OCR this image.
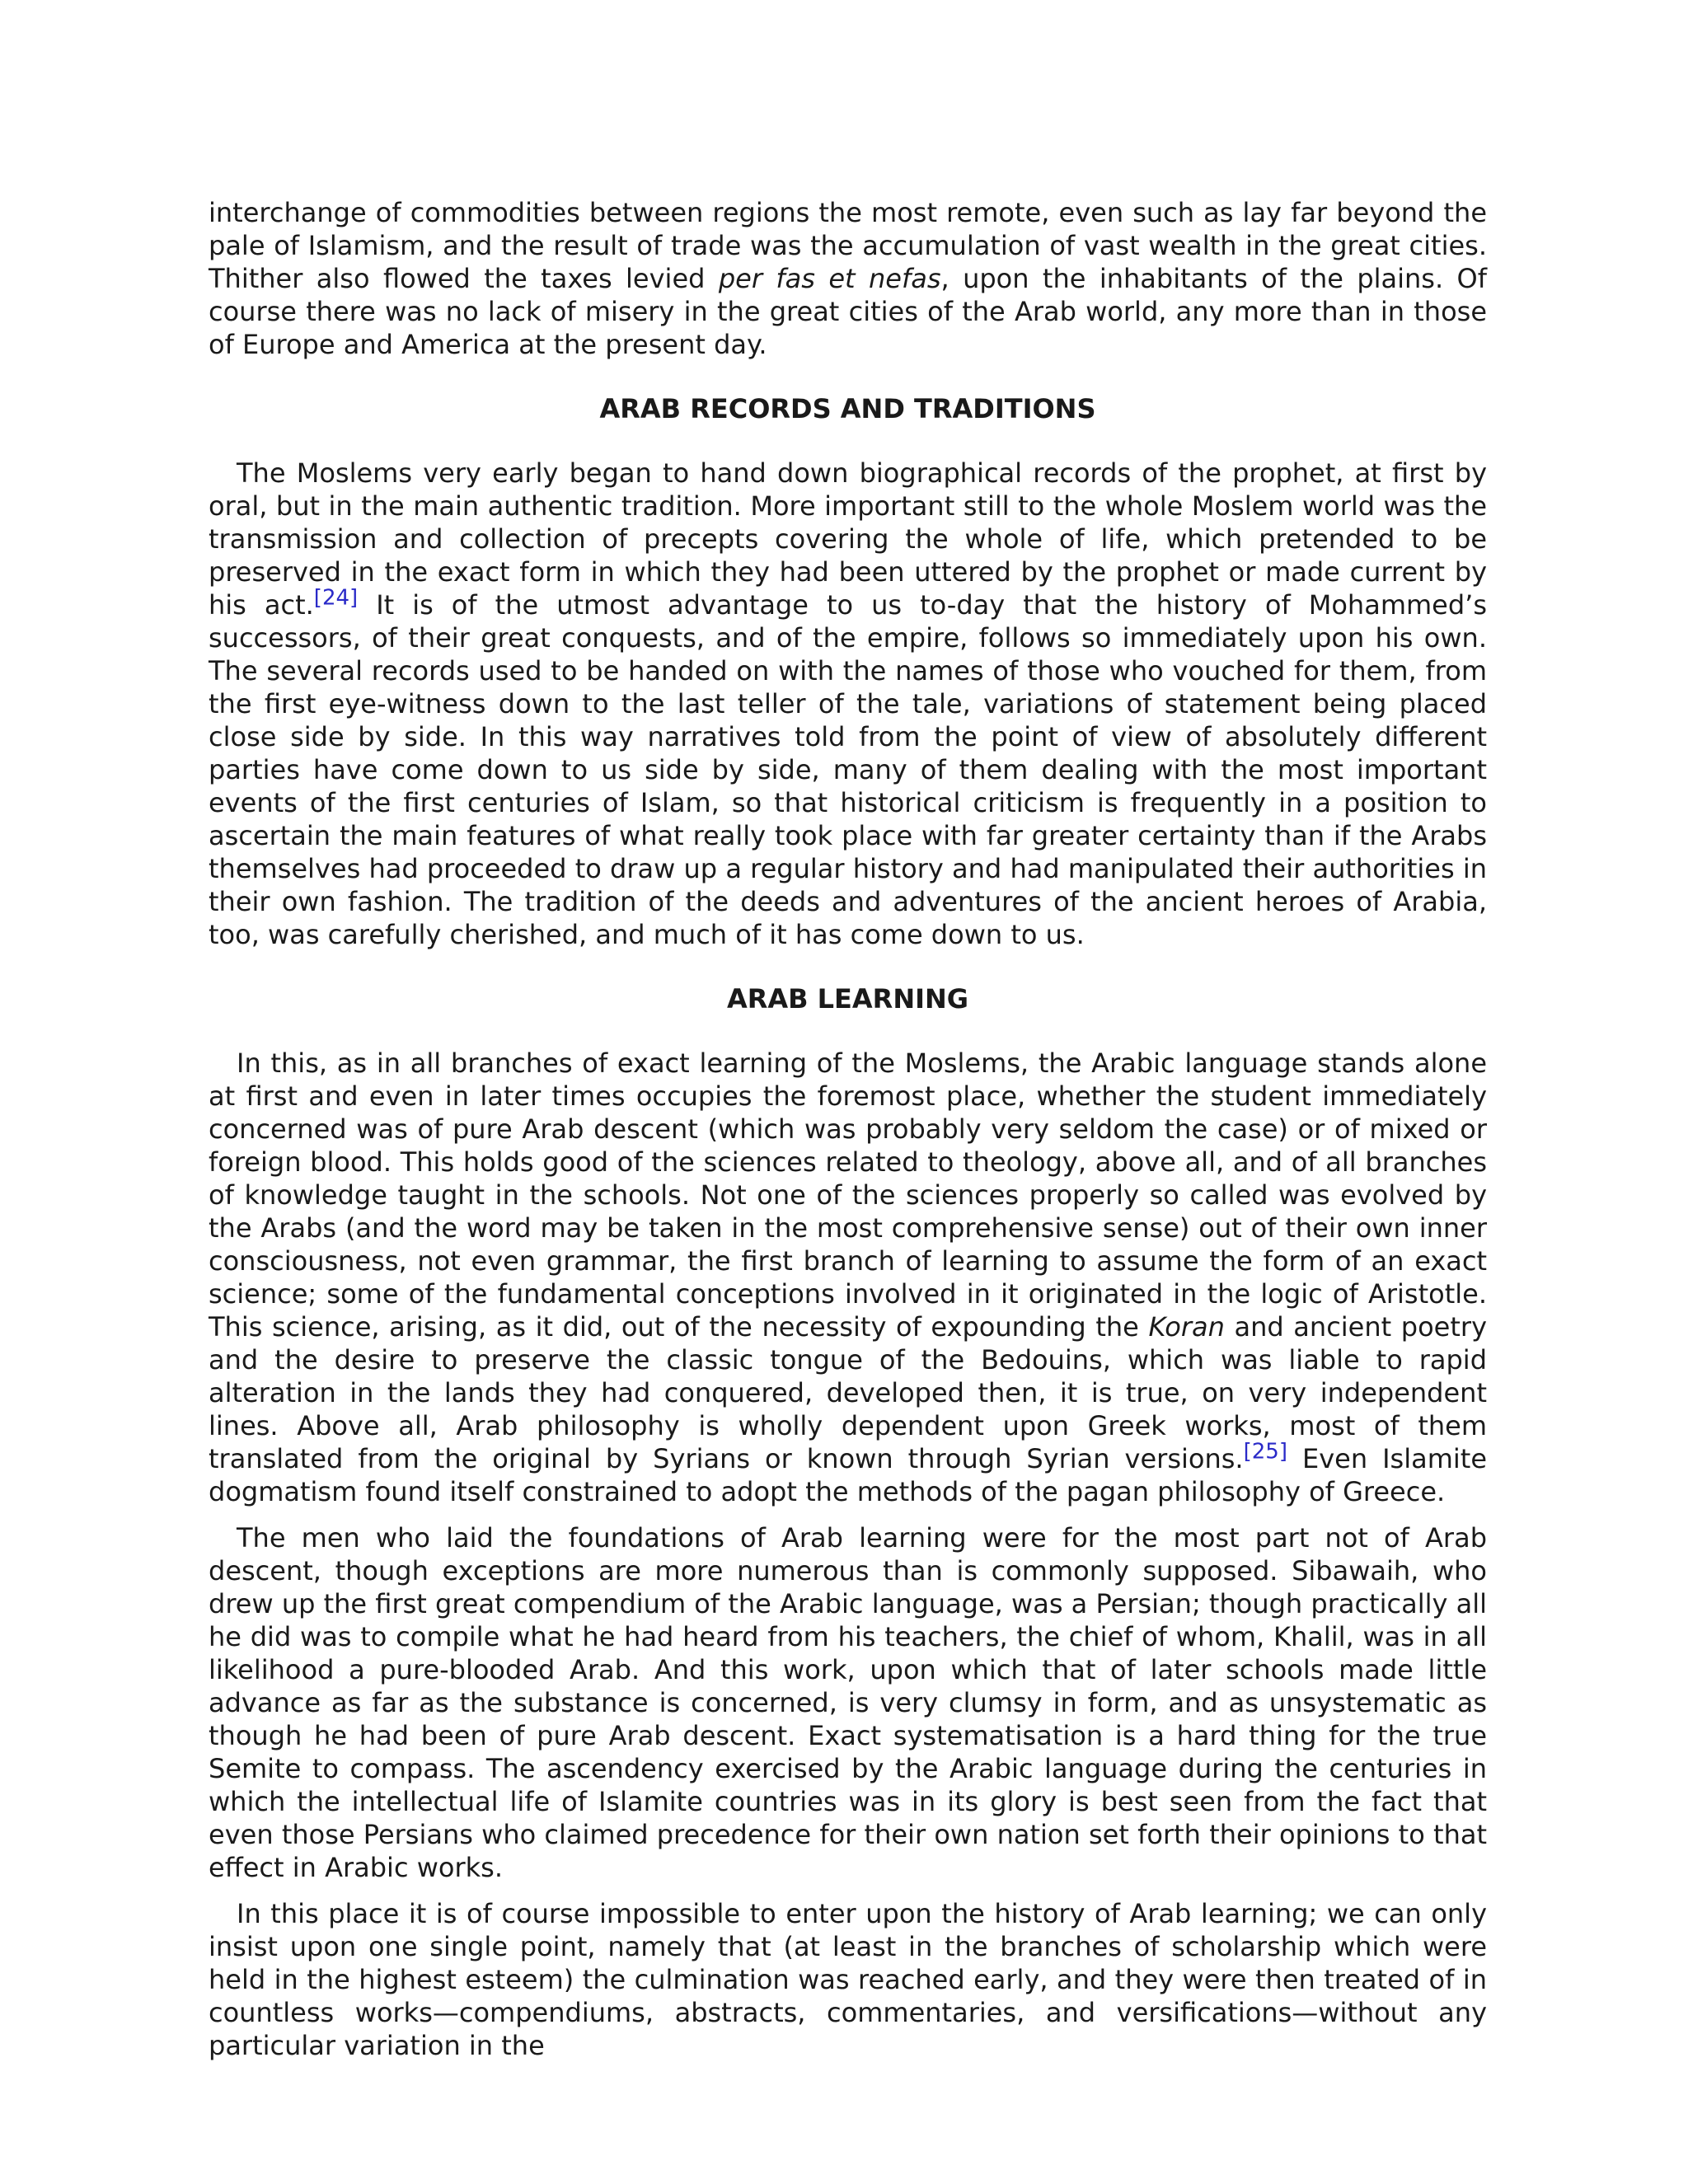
interchange of commodities between regions the most remote, even such as lay far beyond the pale of Islamism, and the result of trade was the accumulation of vast wealth in the great cities. Thither also flowed the taxes levied per fas et nefas, upon the inhabitants of the plains. Of course there was no lack of misery in the great cities of the Arab world, any more than in those of Europe and America at the present day.

ARAB RECORDS AND TRADITIONS

The Moslems very early began to hand down biographical records of the prophet, at first by oral, but in the main authentic tradition. More important still to the whole Moslem world was the transmission and collection of precepts covering the whole of life, which pretended to be preserved in the exact form in which they had been uttered by the prophet or made current by his act.[24] It is of the utmost advantage to us to-day that the history of Mohammed’s successors, of their great conquests, and of the empire, follows so immediately upon his own. The several records used to be handed on with the names of those who vouched for them, from the first eye-witness down to the last teller of the tale, variations of statement being placed close side by side. In this way narratives told from the point of view of absolutely different parties have come down to us side by side, many of them dealing with the most important events of the first centuries of Islam, so that historical criticism is frequently in a position to ascertain the main features of what really took place with far greater certainty than if the Arabs themselves had proceeded to draw up a regular history and had manipulated their authorities in their own fashion. The tradition of the deeds and adventures of the ancient heroes of Arabia, too, was carefully cherished, and much of it has come down to us.

ARAB LEARNING

In this, as in all branches of exact learning of the Moslems, the Arabic language stands alone at first and even in later times occupies the foremost place, whether the student immediately concerned was of pure Arab descent (which was probably very seldom the case) or of mixed or foreign blood. This holds good of the sciences related to theology, above all, and of all branches of knowledge taught in the schools. Not one of the sciences properly so called was evolved by the Arabs (and the word may be taken in the most comprehensive sense) out of their own inner consciousness, not even grammar, the first branch of learning to assume the form of an exact science; some of the fundamental conceptions involved in it originated in the logic of Aristotle. This science, arising, as it did, out of the necessity of expounding the Koran and ancient poetry and the desire to preserve the classic tongue of the Bedouins, which was liable to rapid alteration in the lands they had conquered, developed then, it is true, on very independent lines. Above all, Arab philosophy is wholly dependent upon Greek works, most of them translated from the original by Syrians or known through Syrian versions.[25] Even Islamite dogmatism found itself constrained to adopt the methods of the pagan philosophy of Greece.

The men who laid the foundations of Arab learning were for the most part not of Arab descent, though exceptions are more numerous than is commonly supposed. Sibawaih, who drew up the first great compendium of the Arabic language, was a Persian; though practically all he did was to compile what he had heard from his teachers, the chief of whom, Khalil, was in all likelihood a pure-blooded Arab. And this work, upon which that of later schools made little advance as far as the substance is concerned, is very clumsy in form, and as unsystematic as though he had been of pure Arab descent. Exact systematisation is a hard thing for the true Semite to compass. The ascendency exercised by the Arabic language during the centuries in which the intellectual life of Islamite countries was in its glory is best seen from the fact that even those Persians who claimed precedence for their own nation set forth their opinions to that effect in Arabic works.

In this place it is of course impossible to enter upon the history of Arab learning; we can only insist upon one single point, namely that (at least in the branches of scholarship which were held in the highest esteem) the culmination was reached early, and they were then treated of in countless works—compendiums, abstracts, commentaries, and versifications—without any particular variation in the
